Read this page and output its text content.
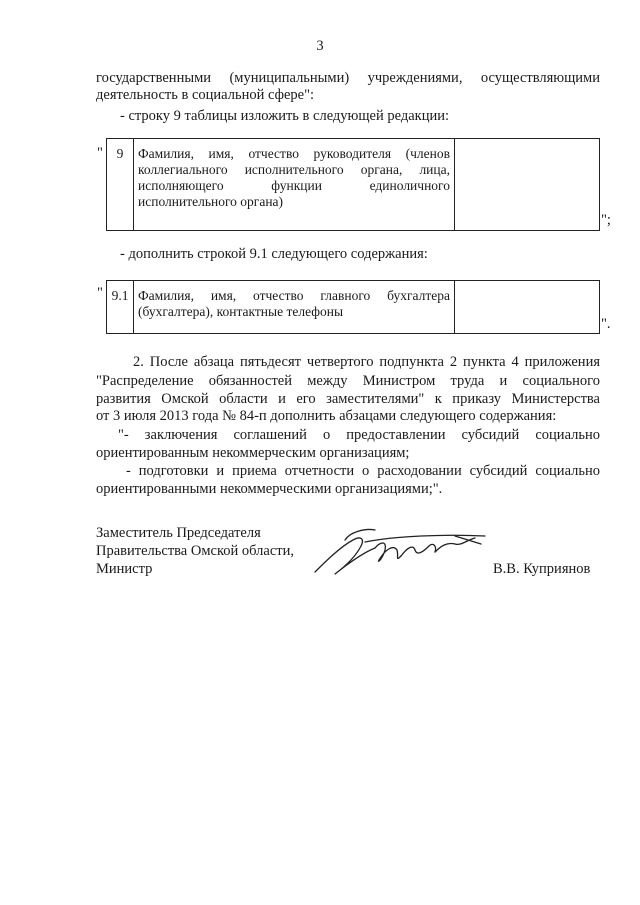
3
государственными (муниципальными) учреждениями, осуществляющими
деятельность в социальной сфере":
- строку 9 таблицы изложить в следующей редакции:
"	9	Фамилия, имя, отчество руководителя (членов
коллегиального исполнительного органа, лица,
исполняющего функции единоличного
исполнительного органа)

";
- дополнить строкой 9.1 следующего содержания:
" 9.1	Фамилия, имя, отчество главного бухгалтера
(бухгалтера), контактные телефоны

".
2. После абзаца пятьдесят четвертого подпункта 2 пункта 4 приложения
"Распределение обязанностей между Министром труда и социального
развития Омской области и его заместителями" к приказу Министерства
от 3 июля 2013 года № 84-п дополнить абзацами следующего содержания:
"- заключения соглашений о предоставлении субсидий социально
ориентированным некоммерческим организациям;
- подготовки и приема отчетности о расходовании субсидий социально
ориентированными некоммерческими организациями;".
Заместитель Председателя
Правительства Омской области,
Министр	В.В. Куприянов
